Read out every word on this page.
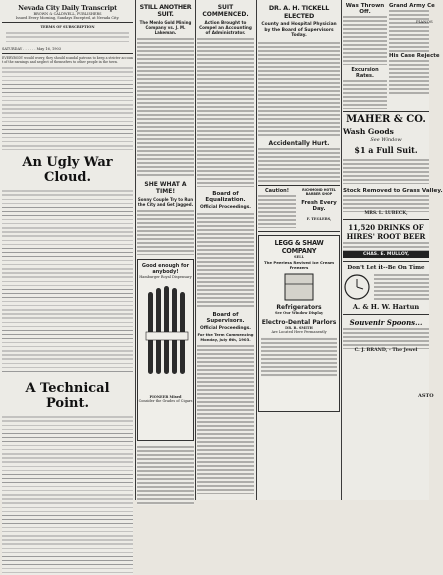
Nevada City Daily Transcript
BROWN & CALDWELL, PUBLISHERS
Issued Every Morning, Sundays Excepted, at Nevada City.
TERMS OF SUBSCRIPTION
SATURDAY . . . . . . May 16, 1903
EVERYBODY would worry, they should scandal patrons to keep a stricter account of the earnings and neglect of themselves to other people in the town.
An Ugly War Cloud.
A Technical Point.
STILL ANOTHER SUIT.
The Menlo Gold Mining Company vs. J. M. Lakeman.
SHE WHAT A TIME!
Sonny Couple Try to Run the City and Get Jagged.
Good enough for anybody!
Hamburger Royal Dispensary
PIONEER Mixed
Consider the Grades of Cigars
SUIT COMMENCED.
Action Brought to Compel an Accounting of Administrator.
Board of Equalization.
Official Proceedings.
Board of Supervisors.
Official Proceedings.
For the Term Commencing Monday, July 6th, 1903.
DR. A. H. TICKELL ELECTED
County and Hospital Physician by the Board of Supervisors Today.
Accidentally Hurt.
Caution!	RICHMOND HOTEL BARBER SHOP
Fresh Every Day.
F. TEGLERS,
LEGG & SHAW COMPANY
SELL
The Peerless Revived Ice Cream Freezers
Refrigerators
See Our Window Display
Electro-Dental Parlors
DR. R. SMITH
Are Located Here Permanently
Was Thrown Off.
Excursion Rates.
Grand Army Ce
His Case Rejecte
MAHER & CO.
Wash Goods
See Window
$1 a Full Suit.
Stock Removed to Grass Valley.
MRS. L. LUBECK,
11,520 DRINKS OF
HIRES' ROOT BEER
CHAS. E. MULLOY,
Don't Let it--Be On Time
A. & H. W. Hartun
Souvenir Spoons...
C. J. BRAND, - The Jewel
PIANOS
ASTO
